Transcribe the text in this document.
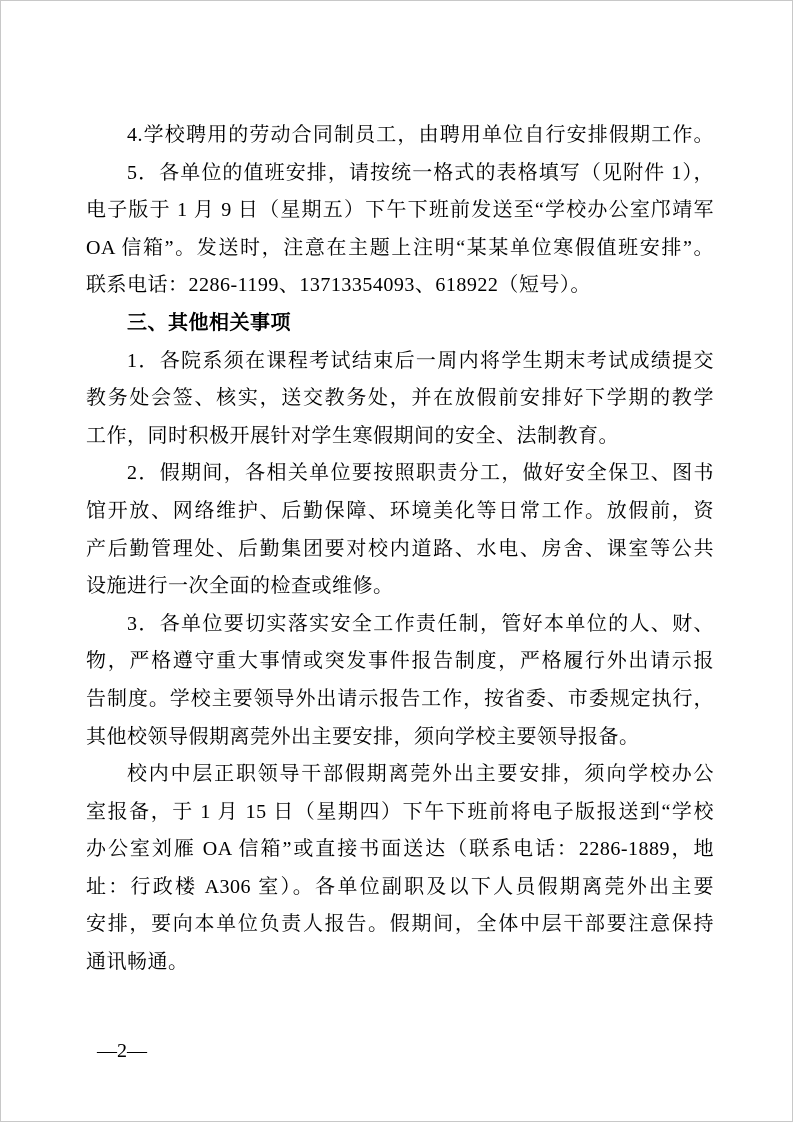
4.学校聘用的劳动合同制员工，由聘用单位自行安排假期工作。
5．各单位的值班安排，请按统一格式的表格填写（见附件 1），
电子版于 1 月 9 日（星期五）下午下班前发送至“学校办公室邝靖军
OA 信箱”。发送时，注意在主题上注明“某某单位寒假值班安排”。
联系电话：2286-1199、13713354093、618922（短号）。
三、其他相关事项
1．各院系须在课程考试结束后一周内将学生期末考试成绩提交
教务处会签、核实，送交教务处，并在放假前安排好下学期的教学
工作，同时积极开展针对学生寒假期间的安全、法制教育。
2．假期间，各相关单位要按照职责分工，做好安全保卫、图书
馆开放、网络维护、后勤保障、环境美化等日常工作。放假前，资
产后勤管理处、后勤集团要对校内道路、水电、房舍、课室等公共
设施进行一次全面的检查或维修。
3．各单位要切实落实安全工作责任制，管好本单位的人、财、
物，严格遵守重大事情或突发事件报告制度，严格履行外出请示报
告制度。学校主要领导外出请示报告工作，按省委、市委规定执行，
其他校领导假期离莞外出主要安排，须向学校主要领导报备。
校内中层正职领导干部假期离莞外出主要安排，须向学校办公
室报备，于 1 月 15 日（星期四）下午下班前将电子版报送到“学校
办公室刘雁 OA 信箱”或直接书面送达（联系电话：2286-1889，地
址：行政楼 A306 室）。各单位副职及以下人员假期离莞外出主要
安排，要向本单位负责人报告。假期间，全体中层干部要注意保持
通讯畅通。
—2—
